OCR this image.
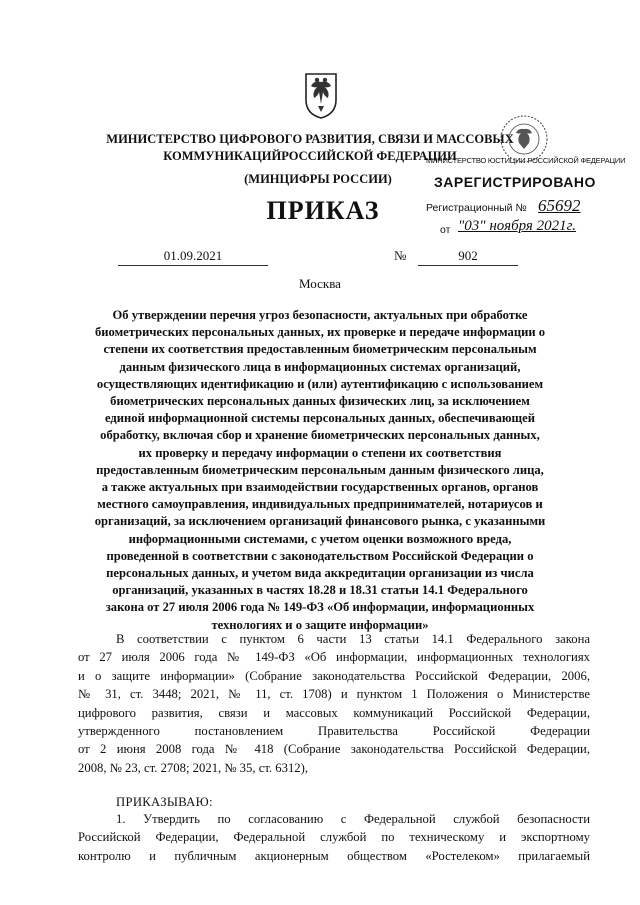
МИНИСТЕРСТВО ЦИФРОВОГО РАЗВИТИЯ, СВЯЗИ И МАССОВЫХ
КОММУНИКАЦИЙРОССИЙСКОЙ ФЕДЕРАЦИИ
МИНИСТЕРСТВО ЮСТИЦИИ РОССИЙСКОЙ ФЕДЕРАЦИИ
ЗАРЕГИСТРИРОВАНО
Регистрационный № 65692
от "03" ноября 2021г.
(МИНЦИФРЫ РОССИИ)
ПРИКАЗ
01.09.2021	№	902
Москва
Об утверждении перечня угроз безопасности, актуальных при обработке
биометрических персональных данных, их проверке и передаче информации о
степени их соответствия предоставленным биометрическим персональным
данным физического лица в информационных системах организаций,
осуществляющих идентификацию и (или) аутентификацию с использованием
биометрических персональных данных физических лиц, за исключением
единой информационной системы персональных данных, обеспечивающей
обработку, включая сбор и хранение биометрических персональных данных,
их проверку и передачу информации о степени их соответствия
предоставленным биометрическим персональным данным физического лица,
а также актуальных при взаимодействии государственных органов, органов
местного самоуправления, индивидуальных предпринимателей, нотариусов и
организаций, за исключением организаций финансового рынка, с указанными
информационными системами, с учетом оценки возможного вреда,
проведенной в соответствии с законодательством Российской Федерации о
персональных данных, и учетом вида аккредитации организации из числа
организаций, указанных в частях 18.28 и 18.31 статьи 14.1 Федерального
закона от 27 июля 2006 года № 149-ФЗ «Об информации, информационных
технологиях и о защите информации»
В соответствии с пунктом 6 части 13 статьи 14.1 Федерального закона
от 27 июля 2006 года № 149-ФЗ «Об информации, информационных технологиях
и о защите информации» (Собрание законодательства Российской Федерации, 2006,
№ 31, ст. 3448; 2021, № 11, ст. 1708) и пунктом 1 Положения о Министерстве
цифрового развития, связи и массовых коммуникаций Российской Федерации,
утвержденного постановлением Правительства Российской Федерации
от 2 июня 2008 года № 418 (Собрание законодательства Российской Федерации,
2008, № 23, ст. 2708; 2021, № 35, ст. 6312),
ПРИКАЗЫВАЮ:
1. Утвердить по согласованию с Федеральной службой безопасности
Российской Федерации, Федеральной службой по техническому и экспортному
контролю и публичным акционерным обществом «Ростелеком» прилагаемый
